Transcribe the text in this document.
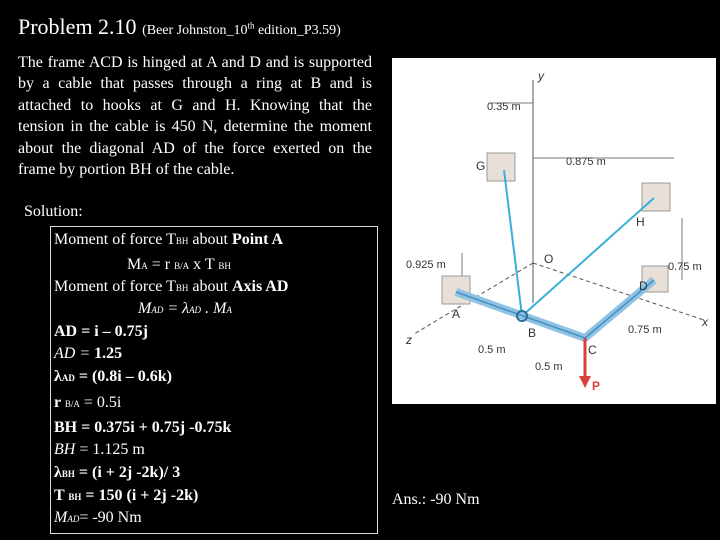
Problem 2.10 (Beer Johnston_10th edition_P3.59)
The frame ACD is hinged at A and D and is supported by a cable that passes through a ring at B and is attached to hooks at G and H. Knowing that the tension in the cable is 450 N, determine the moment about the diagonal AD of the force exerted on the frame by portion BH of the cable.
Solution:
Moment of force TBH about Point A
MA = r B/A x T BH
Moment of force TBH about Axis AD
MAD = λAD . MA
AD = i – 0.75j
AD = 1.25
λAD = (0.8i – 0.6k)
r B/A = 0.5i
BH = 0.375i + 0.75j -0.75k
BH = 1.125 m
λBH = (i + 2j -2k)/ 3
T BH = 150 (i + 2j -2k)
MAD= -90 Nm
y
x
z
0.35 m
0.875 m
0.925 m	0.75 m
0.75 m
0.5 m
0.5 m
G
H
O
D
A
B
C
P
Ans.: -90 Nm
